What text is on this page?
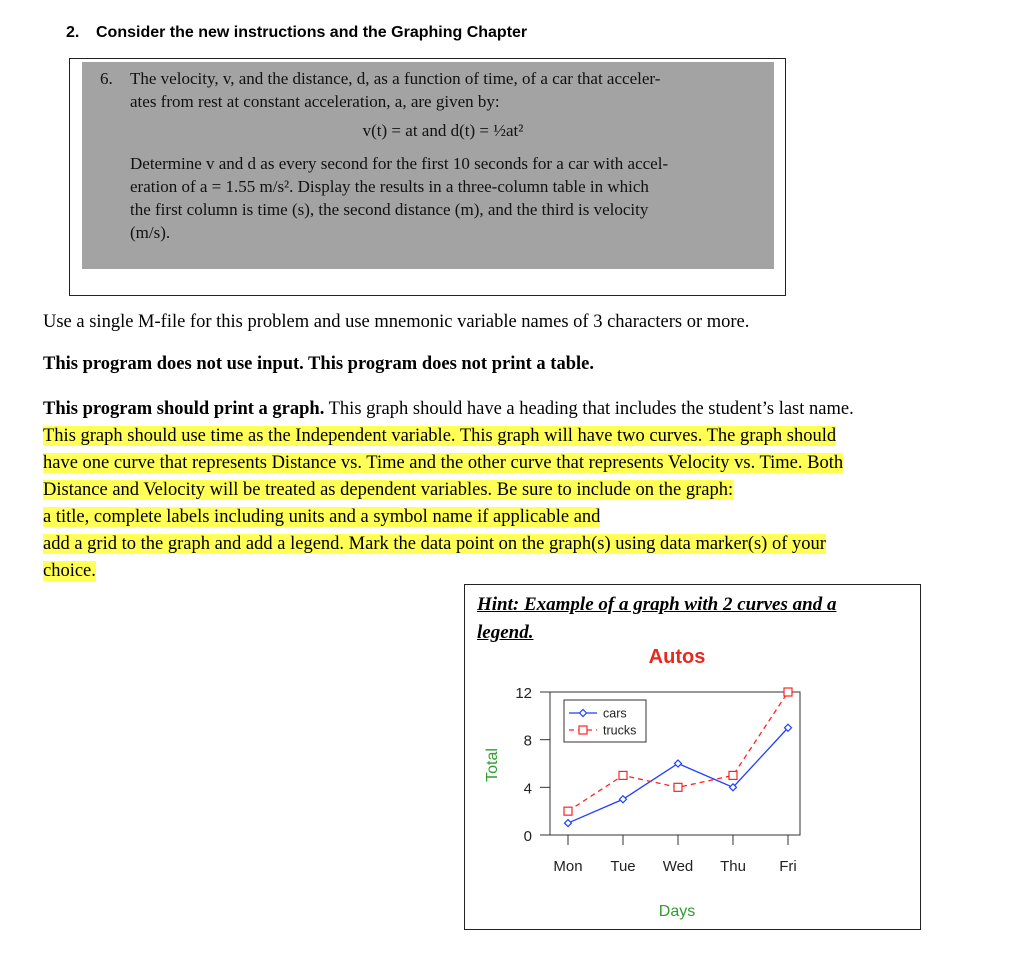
2. Consider the new instructions and the Graphing Chapter
6.	The velocity, v, and the distance, d, as a function of time, of a car that acceler-
ates from rest at constant acceleration, a, are given by:
v(t) = at and d(t) = ½at²
Determine v and d as every second for the first 10 seconds for a car with accel-
eration of a = 1.55 m/s². Display the results in a three-column table in which
the first column is time (s), the second distance (m), and the third is velocity
(m/s).

Use a single M-file for this problem and use mnemonic variable names of 3 characters or more.

This program does not use input. This program does not print a table.

This program should print a graph. This graph should have a heading that includes the student’s last name.

This graph should use time as the Independent variable. This graph will have two curves. The graph should

have one curve that represents Distance vs. Time and the other curve that represents Velocity vs. Time. Both

Distance and Velocity will be treated as dependent variables. Be sure to include on the graph:

a title, complete labels including units and a symbol name if applicable and

add a grid to the graph and add a legend. Mark the data point on the graph(s) using data marker(s) of your

choice.

Hint: Example of a graph with 2 curves and a
legend.
Autos
0
4
8
12
Mon Tue Wed Thu Fri
Days
Total
cars
trucks
